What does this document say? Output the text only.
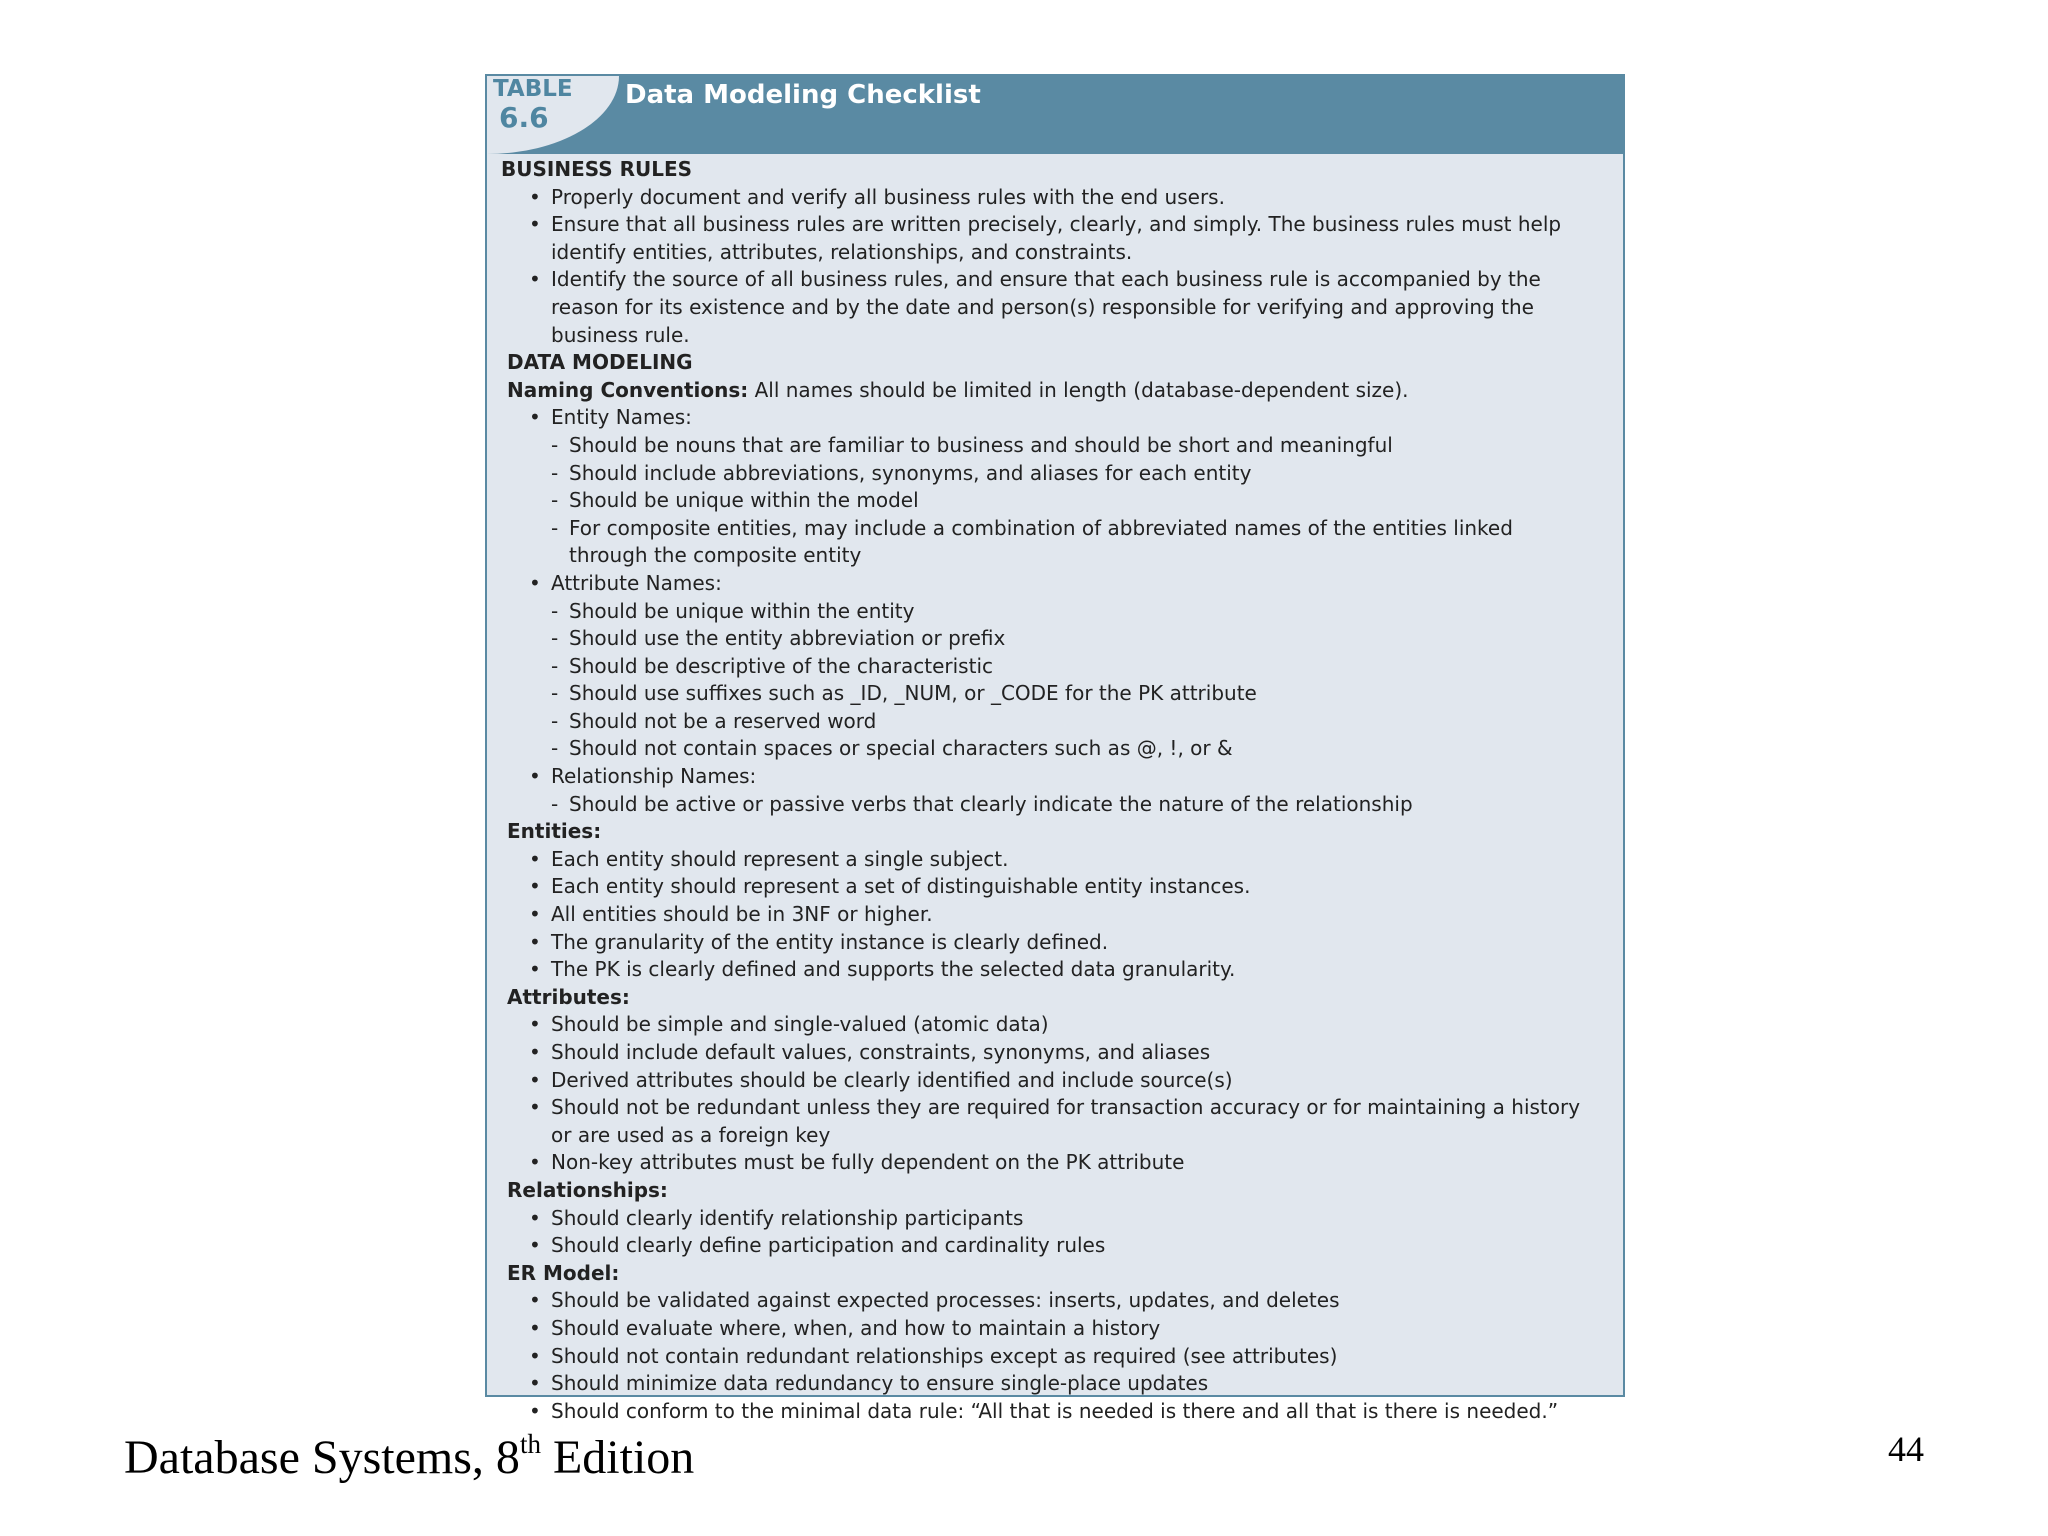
TABLE
6.6
Data Modeling Checklist
BUSINESS RULES
• Properly document and verify all business rules with the end users.
• Ensure that all business rules are written precisely, clearly, and simply. The business rules must help identify entities, attributes, relationships, and constraints.
• Identify the source of all business rules, and ensure that each business rule is accompanied by the reason for its existence and by the date and person(s) responsible for verifying and approving the business rule.
DATA MODELING
Naming Conventions: All names should be limited in length (database-dependent size).
• Entity Names:
- Should be nouns that are familiar to business and should be short and meaningful
- Should include abbreviations, synonyms, and aliases for each entity
- Should be unique within the model
- For composite entities, may include a combination of abbreviated names of the entities linked through the composite entity
• Attribute Names:
- Should be unique within the entity
- Should use the entity abbreviation or prefix
- Should be descriptive of the characteristic
- Should use suffixes such as _ID, _NUM, or _CODE for the PK attribute
- Should not be a reserved word
- Should not contain spaces or special characters such as @, !, or &
• Relationship Names:
- Should be active or passive verbs that clearly indicate the nature of the relationship
Entities:
• Each entity should represent a single subject.
• Each entity should represent a set of distinguishable entity instances.
• All entities should be in 3NF or higher.
• The granularity of the entity instance is clearly defined.
• The PK is clearly defined and supports the selected data granularity.
Attributes:
• Should be simple and single-valued (atomic data)
• Should include default values, constraints, synonyms, and aliases
• Derived attributes should be clearly identified and include source(s)
• Should not be redundant unless they are required for transaction accuracy or for maintaining a history or are used as a foreign key
• Non-key attributes must be fully dependent on the PK attribute
Relationships:
• Should clearly identify relationship participants
• Should clearly define participation and cardinality rules
ER Model:
• Should be validated against expected processes: inserts, updates, and deletes
• Should evaluate where, when, and how to maintain a history
• Should not contain redundant relationships except as required (see attributes)
• Should minimize data redundancy to ensure single-place updates
• Should conform to the minimal data rule: “All that is needed is there and all that is there is needed.”
Database Systems, 8th Edition	44
